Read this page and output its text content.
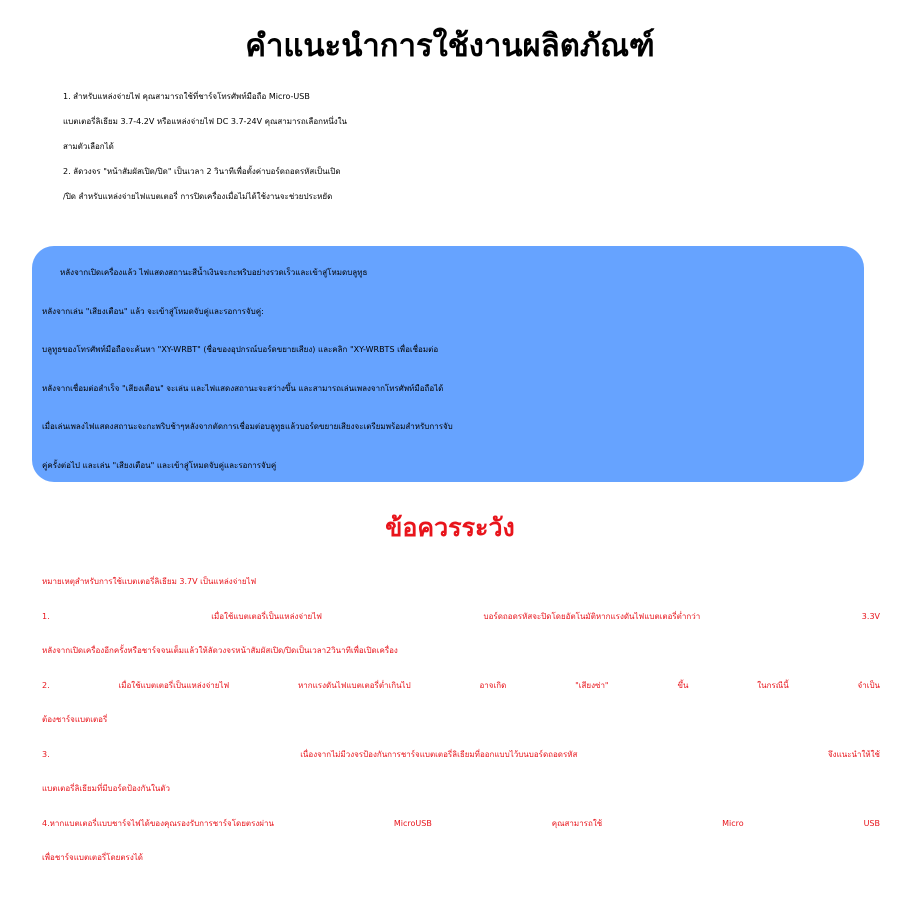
คำแนะนำการใช้งานผลิตภัณฑ์

1. สำหรับแหล่งจ่ายไฟ คุณสามารถใช้ที่ชาร์จโทรศัพท์มือถือ Micro-USB

แบตเตอรี่ลิเธียม 3.7-4.2V หรือแหล่งจ่ายไฟ DC 3.7-24V คุณสามารถเลือกหนึ่งใน

สามตัวเลือกได้

2. ลัดวงจร "หน้าสัมผัสเปิด/ปิด" เป็นเวลา 2 วินาทีเพื่อตั้งค่าบอร์ดถอดรหัสเป็นเปิด

/ปิด สำหรับแหล่งจ่ายไฟแบตเตอรี่ การปิดเครื่องเมื่อไม่ได้ใช้งานจะช่วยประหยัด

หลังจากเปิดเครื่องแล้ว ไฟแสดงสถานะสีน้ำเงินจะกะพริบอย่างรวดเร็วและเข้าสู่โหมดบลูทูธ

หลังจากเล่น "เสียงเตือน" แล้ว จะเข้าสู่โหมดจับคู่และรอการจับคู่:

บลูทูธของโทรศัพท์มือถือจะค้นหา "XY-WRBT" (ชื่อของอุปกรณ์บอร์ดขยายเสียง) และคลิก "XY-WRBTS เพื่อเชื่อมต่อ

หลังจากเชื่อมต่อสำเร็จ "เสียงเตือน" จะเล่น และไฟแสดงสถานะจะสว่างขึ้น และสามารถเล่นเพลงจากโทรศัพท์มือถือได้

เมื่อเล่นเพลงไฟแสดงสถานะจะกะพริบช้าๆหลังจากตัดการเชื่อมต่อบลูทูธแล้วบอร์ดขยายเสียงจะเตรียมพร้อมสำหรับการจับ

คู่ครั้งต่อไป และเล่น "เสียงเตือน" และเข้าสู่โหมดจับคู่และรอการจับคู่

ข้อควรระวัง

หมายเหตุสำหรับการใช้แบตเตอรี่ลิเธียม 3.7V เป็นแหล่งจ่ายไฟ

1. เมื่อใช้แบตเตอรี่เป็นแหล่งจ่ายไฟ บอร์ดถอดรหัสจะปิดโดยอัตโนมัติหากแรงดันไฟแบตเตอรี่ต่ำกว่า 3.3V

หลังจากเปิดเครื่องอีกครั้งหรือชาร์จจนเต็มแล้วให้ลัดวงจรหน้าสัมผัสเปิด/ปิดเป็นเวลา2วินาทีเพื่อเปิดเครื่อง

2. เมื่อใช้แบตเตอรี่เป็นแหล่งจ่ายไฟ หากแรงดันไฟแบตเตอรี่ต่ำเกินไป อาจเกิด "เสียงซ่า" ขึ้น ในกรณีนี้ จำเป็น

ต้องชาร์จแบตเตอรี่

3. เนื่องจากไม่มีวงจรป้องกันการชาร์จแบตเตอรี่ลิเธียมที่ออกแบบไว้บนบอร์ดถอดรหัส จึงแนะนำให้ใช้

แบตเตอรี่ลิเธียมที่มีบอร์ดป้องกันในตัว

4.หากแบตเตอรี่แบบชาร์จไฟได้ของคุณรองรับการชาร์จโดยตรงผ่าน MicroUSB คุณสามารถใช้ Micro USB

เพื่อชาร์จแบตเตอรี่โดยตรงได้
